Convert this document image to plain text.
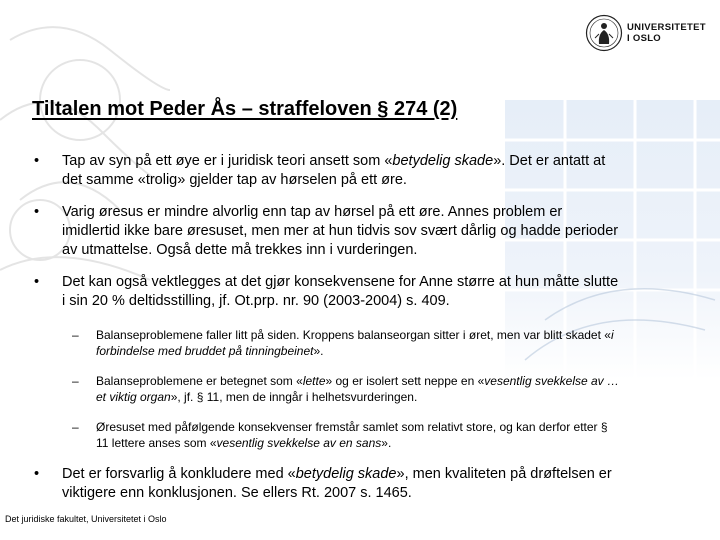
UNIVERSITETET
I OSLO
Tiltalen mot Peder Ås – straffeloven § 274 (2)

• Tap av syn på ett øye er i juridisk teori ansett som «betydelig skade». Det er antatt at det samme «trolig» gjelder tap av hørselen på ett øre.

• Varig øresus er mindre alvorlig enn tap av hørsel på ett øre. Annes problem er imidlertid ikke bare øresuset, men mer at hun tidvis sov svært dårlig og hadde perioder av utmattelse. Også dette må trekkes inn i vurderingen.

• Det kan også vektlegges at det gjør konsekvensene for Anne større at hun måtte slutte i sin 20 % deltidsstilling, jf. Ot.prp. nr. 90 (2003-2004) s. 409.

– Balanseproblemene faller litt på siden. Kroppens balanseorgan sitter i øret, men var blitt skadet «i forbindelse med bruddet på tinningbeinet».

– Balanseproblemene er betegnet som «lette» og er isolert sett neppe en «vesentlig svekkelse av … et viktig organ», jf. § 11, men de inngår i helhetsvurderingen.

– Øresuset med påfølgende konsekvenser fremstår samlet som relativt store, og kan derfor etter § 11 lettere anses som «vesentlig svekkelse av en sans».

• Det er forsvarlig å konkludere med «betydelig skade», men kvaliteten på drøftelsen er viktigere enn konklusjonen. Se ellers Rt. 2007 s. 1465.

Det juridiske fakultet, Universitetet i Oslo
